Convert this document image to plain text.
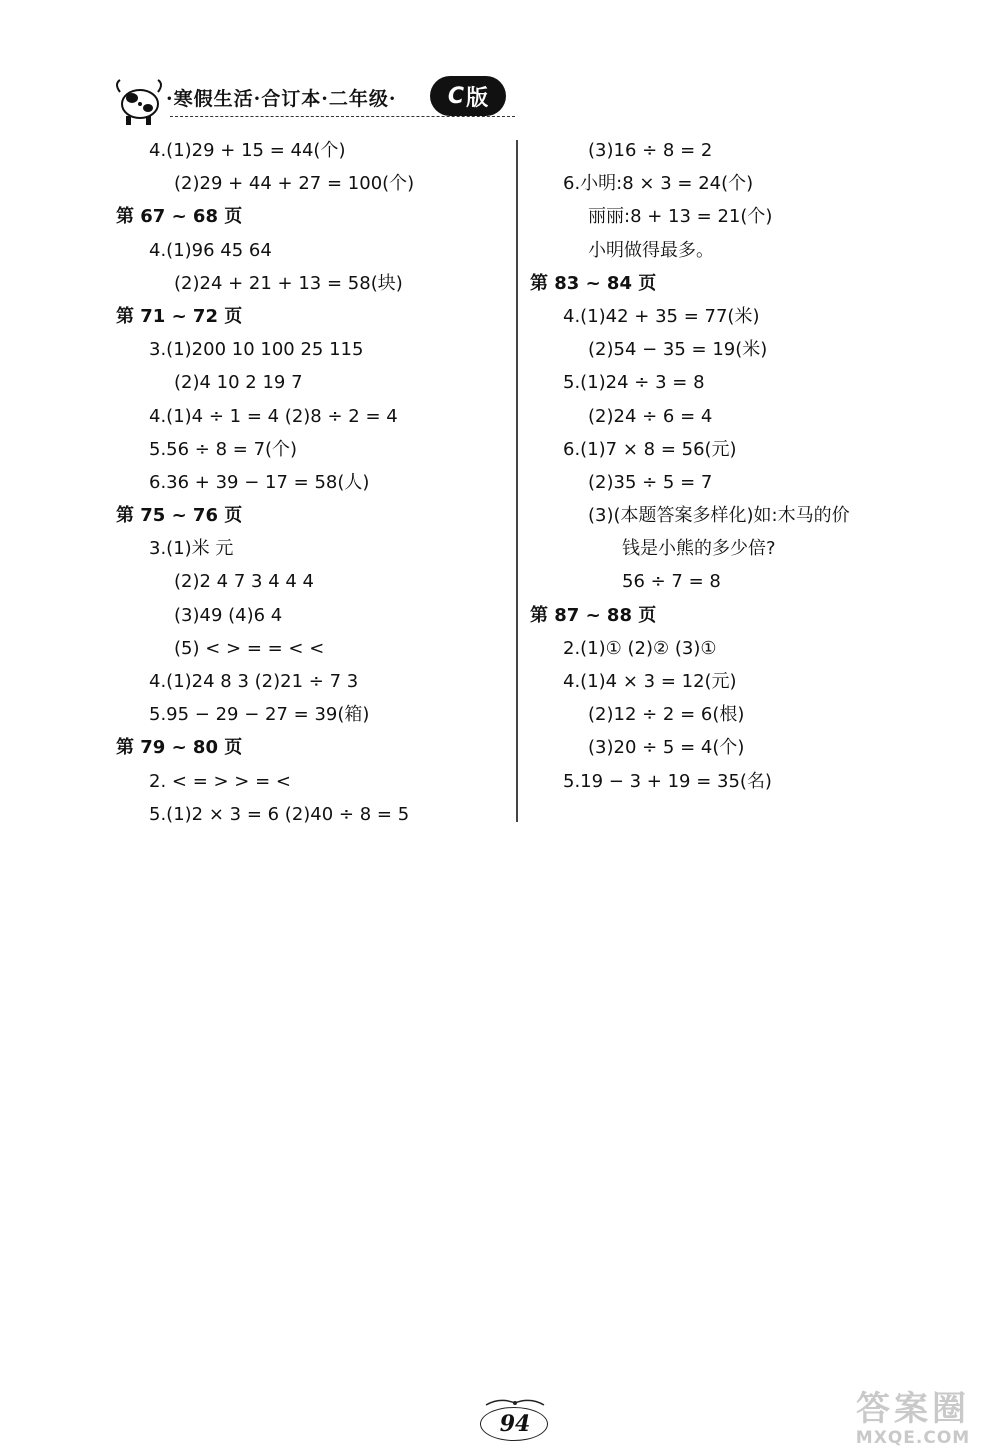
·寒假生活·合订本·二年级· C 版
4.(1)29 + 15 = 44(个)
(2)29 + 44 + 27 = 100(个)
第 67 ~ 68 页
4.(1)96 45 64
(2)24 + 21 + 13 = 58(块)
第 71 ~ 72 页
3.(1)200 10 100 25 115
(2)4 10 2 19 7
4.(1)4 ÷ 1 = 4 (2)8 ÷ 2 = 4
5.56 ÷ 8 = 7(个)
6.36 + 39 − 17 = 58(人)
第 75 ~ 76 页
3.(1)米 元
(2)2 4 7 3 4 4 4
(3)49 (4)6 4
(5) < > = = < <
4.(1)24 8 3 (2)21 ÷ 7 3
5.95 − 29 − 27 = 39(箱)
第 79 ~ 80 页
2. < = > > = <
5.(1)2 × 3 = 6 (2)40 ÷ 8 = 5
(3)16 ÷ 8 = 2
6.小明:8 × 3 = 24(个)
丽丽:8 + 13 = 21(个)
小明做得最多。
第 83 ~ 84 页
4.(1)42 + 35 = 77(米)
(2)54 − 35 = 19(米)
5.(1)24 ÷ 3 = 8
(2)24 ÷ 6 = 4
6.(1)7 × 8 = 56(元)
(2)35 ÷ 5 = 7
(3)(本题答案多样化)如:木马的价
钱是小熊的多少倍?
56 ÷ 7 = 8
第 87 ~ 88 页
2.(1)① (2)② (3)①
4.(1)4 × 3 = 12(元)
(2)12 ÷ 2 = 6(根)
(3)20 ÷ 5 = 4(个)
5.19 − 3 + 19 = 35(名)
94	答案圈
MXQE.COM
